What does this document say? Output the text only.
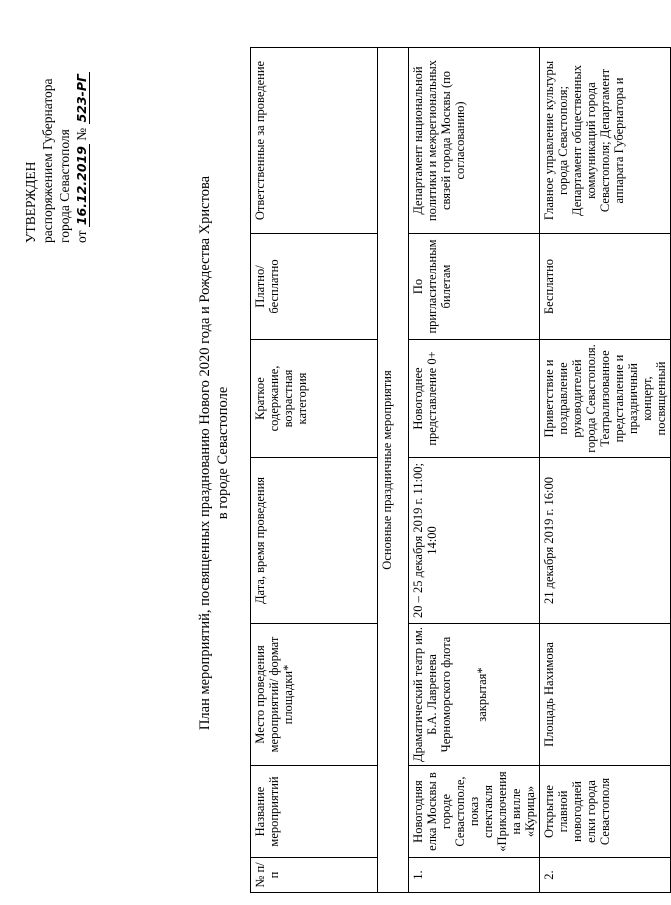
УТВЕРЖДЕН распоряжением Губернатора города Севастополя от 16.12.2019 № 523-РГ
План мероприятий, посвященных празднованию Нового 2020 года и Рождества Христова в городе Севастополе
№ п/п	Название мероприятий	Место проведения мероприятий/ формат площадки*	Дата, время проведения	Краткое содержание, возрастная категория	Платно/ бесплатно	Ответственные за проведение
Основные праздничные мероприятия						
1.	Новогодняя елка Москвы в городе Севастополе, показ спектакля «Приключения на вилле «Курица»	Драматический театр им. Б.А. Лавренева Черноморского флота закрытая*	20 – 25 декабря 2019 г. 11:00; 14:00	Новогоднее представление 0+	По пригласительным билетам	Департамент национальной политики и межрегиональных связей города Москвы (по согласованию)
2.	Открытие главной новогодней елки города Севастополя	Площадь Нахимова	21 декабря 2019 г. 16:00	Приветствие и поздравление руководителей города Севастополя. Театрализованное представление и праздничный концерт, посвященный	Бесплатно	Главное управление культуры города Севастополя; Департамент общественных коммуникаций города Севастополя; Департамент аппарата Губернатора и
